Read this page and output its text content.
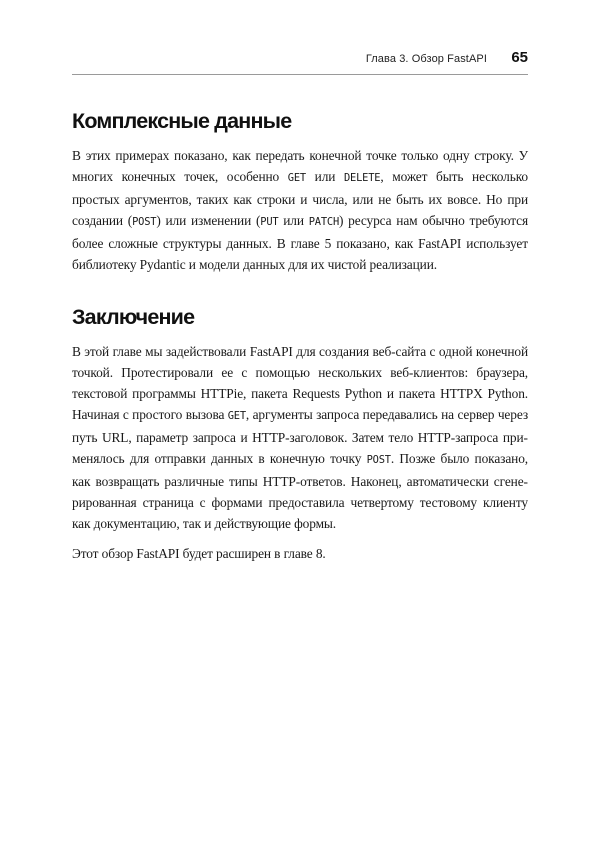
Глава 3. Обзор FastAPI 65
Комплексные данные

В этих примерах показано, как передать конечной точке только одну строку. У многих конечных точек, особенно GET или DELETE, может быть несколько простых аргументов, таких как строки и числа, или не быть их вовсе. Но при создании (POST) или изменении (PUT или PATCH) ресурса нам обычно требуются более сложные структуры данных. В главе 5 показано, как FastAPI использует библиотеку Pydantic и модели данных для их чистой реализации.

Заключение

В этой главе мы задействовали FastAPI для создания веб-сайта с одной конечной точкой. Протестировали ее с помощью нескольких веб-клиентов: браузера, текстовой программы HTTPie, пакета Requests Python и пакета HTTPX Python. Начиная с простого вызова GET, аргументы запроса передавались на сервер через путь URL, параметр запроса и HTTP-заголовок. Затем тело HTTP-запроса применялось для отправки данных в конечную точку POST. Позже было показано, как возвращать различные типы HTTP-ответов. Наконец, автоматически сгенерированная страница с формами предоставила четвертому тестовому клиенту как документацию, так и действующие формы.

Этот обзор FastAPI будет расширен в главе 8.
